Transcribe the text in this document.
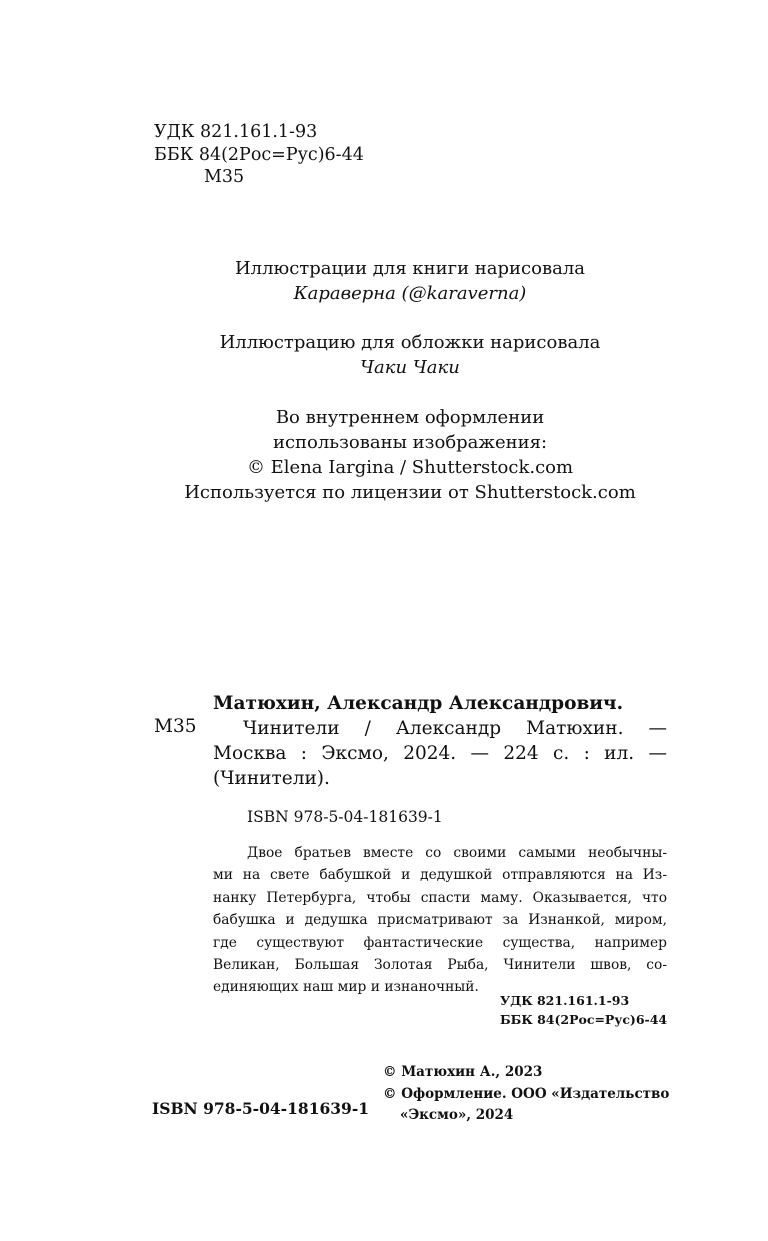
УДК 821.161.1-93
ББК 84(2Рос=Рус)6-44
М35
Иллюстрации для книги нарисовала
Караверна (@karaverna)
Иллюстрацию для обложки нарисовала
Чаки Чаки
Во внутреннем оформлении
использованы изображения:
© Elena Iargina / Shutterstock.com
Используется по лицензии от Shutterstock.com
М35
Матюхин, Александр Александрович.
Чинители / Александр Матюхин. —
Москва : Эксмо, 2024. — 224 с. : ил. —
(Чинители).
ISBN 978-5-04-181639-1
Двое братьев вместе со своими самыми необычны-
ми на свете бабушкой и дедушкой отправляются на Из-
нанку Петербурга, чтобы спасти маму. Оказывается, что
бабушка и дедушка присматривают за Изнанкой, миром,
где существуют фантастические существа, например
Великан, Большая Золотая Рыба, Чинители швов, со-
единяющих наш мир и изнаночный.
УДК 821.161.1-93
ББК 84(2Рос=Рус)6-44
© Матюхин А., 2023
© Оформление. ООО «Издательство
«Эксмо», 2024
ISBN 978-5-04-181639-1
